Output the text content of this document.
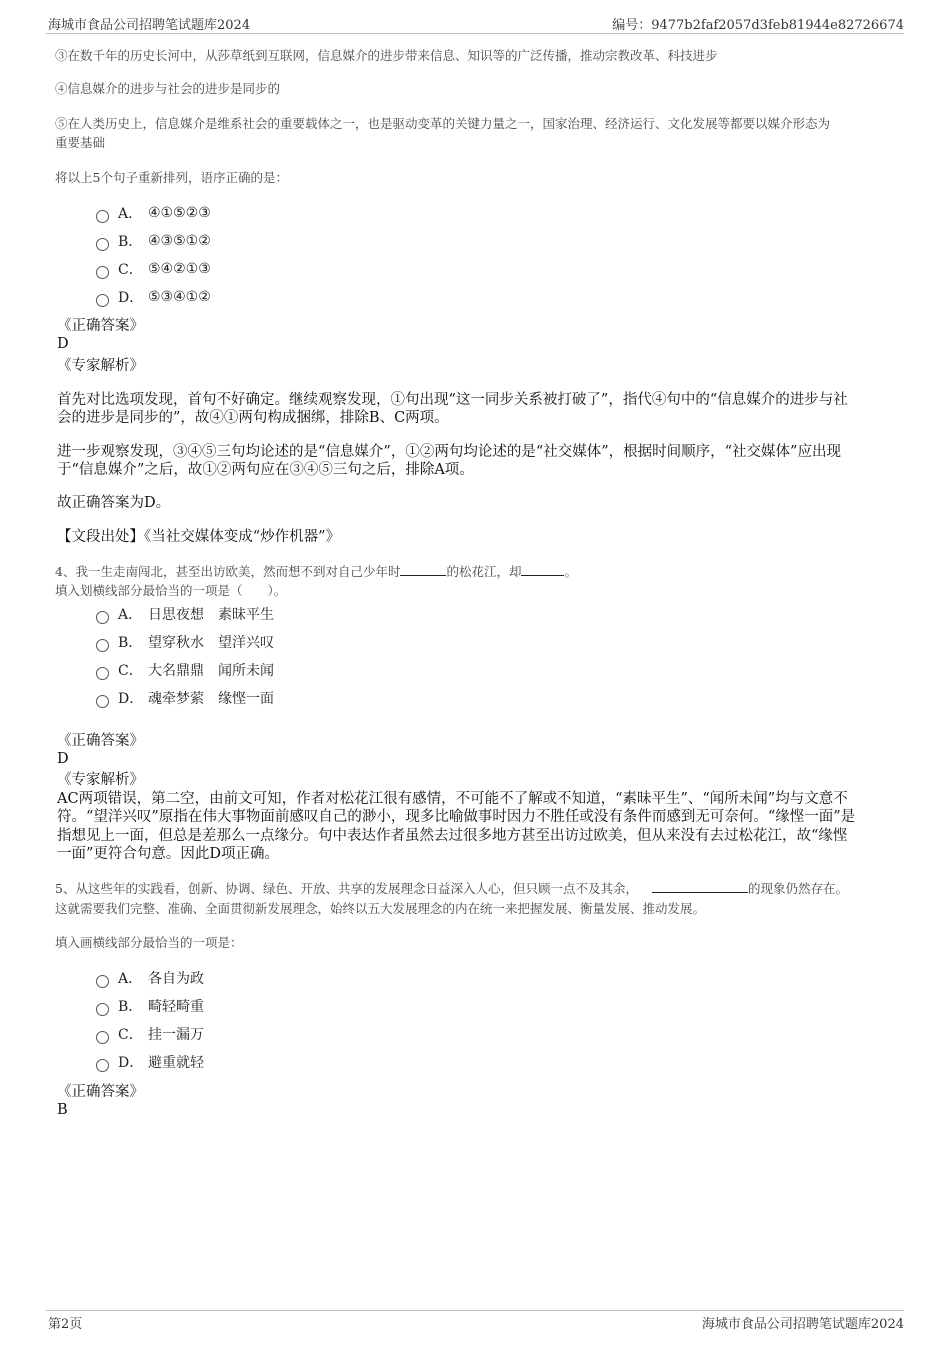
海城市食品公司招聘笔试题库2024	编号：9477b2faf2057d3feb81944e82726674
③在数千年的历史长河中，从莎草纸到互联网，信息媒介的进步带来信息、知识等的广泛传播，推动宗教改革、科技进步
④信息媒介的进步与社会的进步是同步的
⑤在人类历史上，信息媒介是维系社会的重要载体之一，也是驱动变革的关键力量之一，国家治理、经济运行、文化发展等都要以媒介形态为
重要基础
将以上5个句子重新排列，语序正确的是：
A． ④①⑤②③
B． ④③⑤①②
C． ⑤④②①③
D． ⑤③④①②
《正确答案》
D
《专家解析》
首先对比选项发现，首句不好确定。继续观察发现，①句出现“这一同步关系被打破了”，指代④句中的“信息媒介的进步与社
会的进步是同步的”，故④①两句构成捆绑，排除B、C两项。
进一步观察发现，③④⑤三句均论述的是“信息媒介”，①②两句均论述的是“社交媒体”，根据时间顺序，“社交媒体”应出现
于“信息媒介”之后，故①②两句应在③④⑤三句之后，排除A项。
故正确答案为D。
【文段出处】《当社交媒体变成“炒作机器”》
4、我一生走南闯北，甚至出访欧美，然而想不到对自己少年时	的松花江，却	。
填入划横线部分最恰当的一项是（　　）。
A． 日思夜想　素昧平生
B． 望穿秋水　望洋兴叹
C． 大名鼎鼎　闻所未闻
D． 魂牵梦萦　缘悭一面
《正确答案》
D
《专家解析》
AC两项错误，第二空，由前文可知，作者对松花江很有感情，不可能不了解或不知道，“素昧平生”、“闻所未闻”均与文意不
符。“望洋兴叹”原指在伟大事物面前感叹自己的渺小，现多比喻做事时因力不胜任或没有条件而感到无可奈何。“缘悭一面”是
指想见上一面，但总是差那么一点缘分。句中表达作者虽然去过很多地方甚至出访过欧美，但从来没有去过松花江，故“缘悭
一面”更符合句意。因此D项正确。
5、从这些年的实践看，创新、协调、绿色、开放、共享的发展理念日益深入人心，但只顾一点不及其余，	的现象仍然存在。
这就需要我们完整、准确、全面贯彻新发展理念，始终以五大发展理念的内在统一来把握发展、衡量发展、推动发展。
填入画横线部分最恰当的一项是：
A． 各自为政
B． 畸轻畸重
C． 挂一漏万
D． 避重就轻
《正确答案》
B
第2页	海城市食品公司招聘笔试题库2024
